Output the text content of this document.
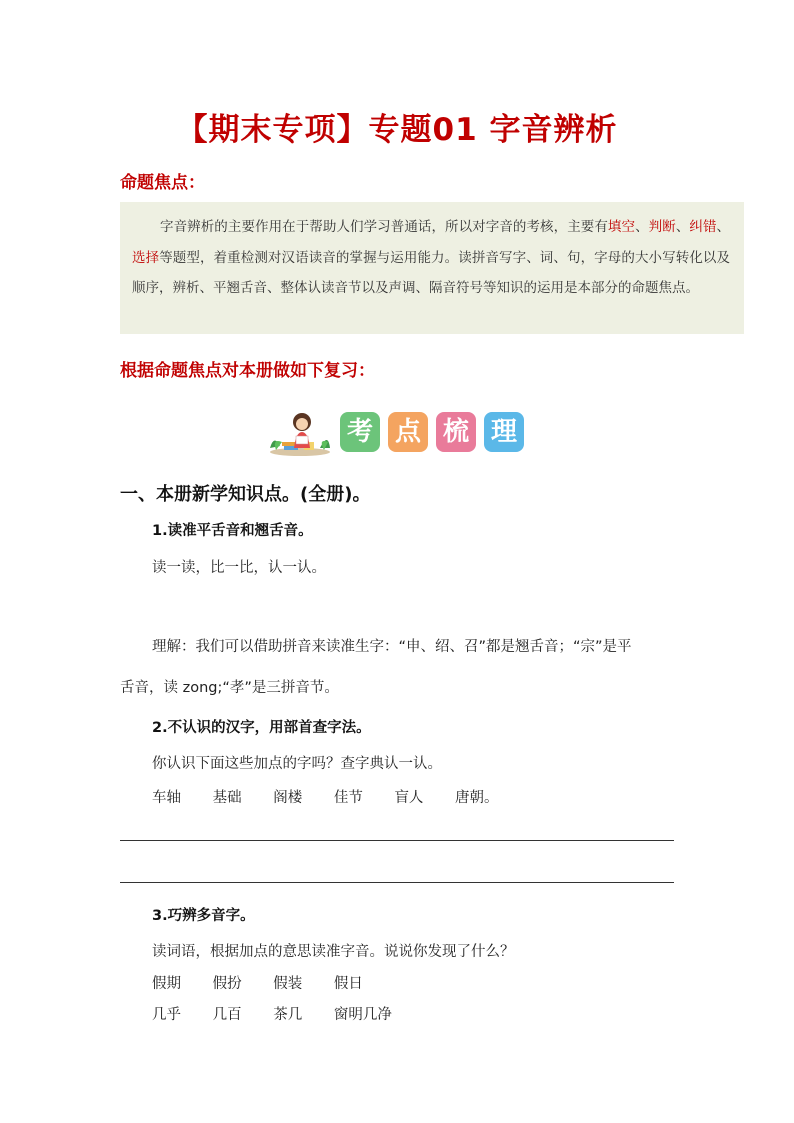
【期末专项】专题01 字音辨析
命题焦点：
字音辨析的主要作用在于帮助人们学习普通话，所以对字音的考核，主要有填空、判断、纠错、选择等题型，着重检测对汉语读音的掌握与运用能力。读拼音写字、词、句，字母的大小写转化以及顺序，辨析、平翘舌音、整体认读音节以及声调、隔音符号等知识的运用是本部分的命题焦点。
根据命题焦点对本册做如下复习：
考 点 梳 理
一、本册新学知识点。(全册)。
1.读准平舌音和翘舌音。
读一读，比一比，认一认。
理解：我们可以借助拼音来读准生字：“申、绍、召”都是翘舌音；“宗”是平
舌音，读 zong;“孝”是三拼音节。
2.不认识的汉字，用部首查字法。
你认识下面这些加点的字吗？查字典认一认。
车轴 基础 阁楼 佳节 盲人 唐朝。
3.巧辨多音字。
读词语，根据加点的意思读准字音。说说你发现了什么？
假期 假扮 假装 假日
几乎 几百 茶几 窗明几净
